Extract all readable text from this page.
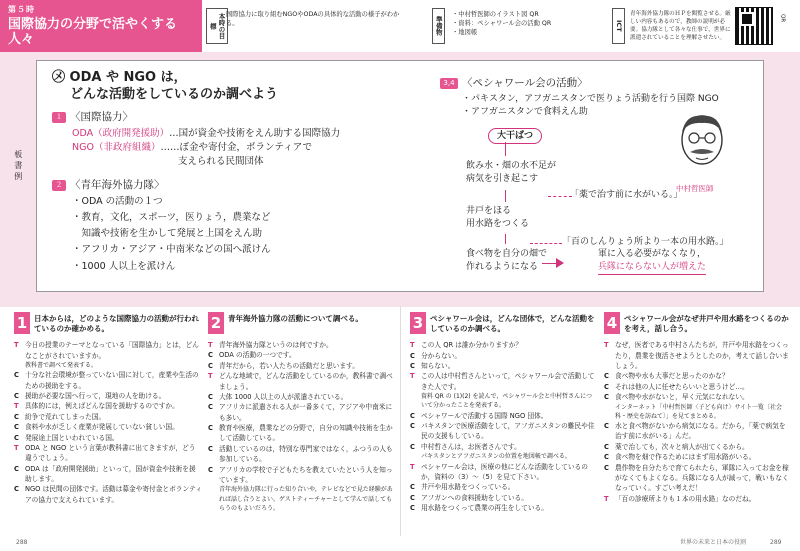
第５時
国際協力の分野で活やくする人々
本時の目標
国際協力に取り組むNGOやODAの具体的な活動の様子がわかる。	準備物
・中村哲医師のイラスト図 QR
・資料：ペシャワール会の活動 QR
・地図帳
ICT
青年海外協力隊のＨＰを閲覧させる。厳しい内容もあるので，教師の説明が必要。協力隊として各々な仕事で，世界に派遣されていることを理解させたい。
QR
板書例
㋱ ODA や NGO は，
どんな活動をしているのか調べよう
１ 〈国際協力〉
ODA（政府開発援助）…国が資金や技術をえん助する国際協力
NGO（非政府組織）……ぼ金や寄付金，ボランティアで
支えられる民間団体
２ 〈青年海外協力隊〉
・ODA の活動の１つ
・教育，文化，スポーツ，医りょう，農業など
　知識や技術を生かして発展と上国をえん助
・アフリカ・アジア・中南米などの国へ派けん
・1000 人以上を派けん
3,4 〈ペシャワール会の活動〉
・パキスタン，アフガニスタンで医りょう活動を行う国際 NGO
・アフガニスタンで食料えん助
大干ばつ
飲み水・畑の水不足が
病気を引き起こす
「薬で治す前に水がいる。」
井戸をほる
用水路をつくる
「百のしんりょう所より一本の用水路。」
食べ物を自分の畑で
作れるようになる
軍に入る必要がなくなり，
兵隊にならない人が増えた
中村哲医師
1 日本からは，どのような国際協力の活動が行われているのか確かめる。
T 今日の授業のテーマとなっている「国際協力」とは，どんなことがされていますか。
教科書で調べて発表する。
C 十分な社会環境が整っていない国に対して，産業や生活のための援助をする。
C 援助が必要な国へ行って，現地の人を助ける。
T 具体的には，例えばどんな国を援助するのですか。
C 紛争で荒れてしまった国。
C 食料や水が乏しく産業が発展していない貧しい国。
C 発展途上国といわれている国。
T ODA と NGO という言葉が教科書に出てきますが，どう違うでしょう。
C ODA は「政府開発援助」といって，国が資金や技術を援助します。
C NGO は民間の団体です。活動は募金や寄付金とボランティアの協力で支えられています。
2 青年海外協力隊の活動について調べる。
T 青年海外協力隊というのは何ですか。
C ODA の活動の一つです。
C 青年だから，若い人たちの活動だと思います。
T どんな地域で，どんな活動をしているのか，教科書で調べましょう。
C 大体 1000 人以上の人が派遣されている。
C アフリカに派遣される人が一番多くて，アジアや中南米にも多い。
C 教育や医療，農業などの分野で，自分の知識や技術を生かして活動している。
C 活動しているのは，特別な専門家ではなく，ふつうの人も参加している。
C アフリカの学校で子どもたちを教えていたという人を知っています。
青年海外協力隊に行った知り合いや，テレビなどで見た経験があれば話し合うとよい。ゲストティーチャーとして学んで話してもらうのもよいだろう。
3 ペシャワール会は，どんな団体で，どんな活動をしているのか調べる。
T この人 QR は誰か分かりますか？
C 分からない。
C 知らない。
T この人は中村哲さんといって，ペシャワール会で活動してきた人です。
資料 QR の (1)(2) を読んで，ペシャワール会と中村哲さんについて分かったことを発表する。
C ペシャワールで活動する国際 NGO 団体。
C パキスタンで医療活動をして，アフガニスタンの難民や住民の支援もしている。
C 中村哲さんは，お医者さんです。
パキスタンとアフガニスタンの位置を地図帳で調べる。
T ペシャワール会は，医療の他にどんな活動をしているのか，資料の（3）〜（5）を見て下さい。
C 井戸や用水路をつくっている。
C アフガンへの食料援助をしている。
C 用水路をつくって農業の再生をしている。
4 ペシャワール会がなぜ井戸や用水路をつくるのかを考え，話し合う。
T なぜ，医者である中村さんたちが，井戸や用水路をつくったり，農業を復活させようとしたのか，考えて話し合いましょう。
C 食べ物や水も大事だと思ったのかな？
C それは他の人に任せたらいいと思うけど…。
C 食べ物や水がないと，早く元気になれない。
インターネット「中村哲医師〈子ども向け〉サイト一覧〔社会科・歴史を訪ねて〕」を見てまとめる。
C 水と食べ物がないから病気になる。だから，「薬で病気を治す前に水がいる」んだ。
C 薬で治しても，次々と病人が出てくるから。
C 食べ物を畑で作るためにはまず用水路がいる。
C 農作物を自分たちで育てられたら，軍隊に入ってお金を稼がなくてもよくなる。兵隊になる人が減って，戦いもなくなっていく。すごい考えだ！
T 「百の診療所よりも１本の用水路」なのだね。
288	世界の未来と日本の役割	289
